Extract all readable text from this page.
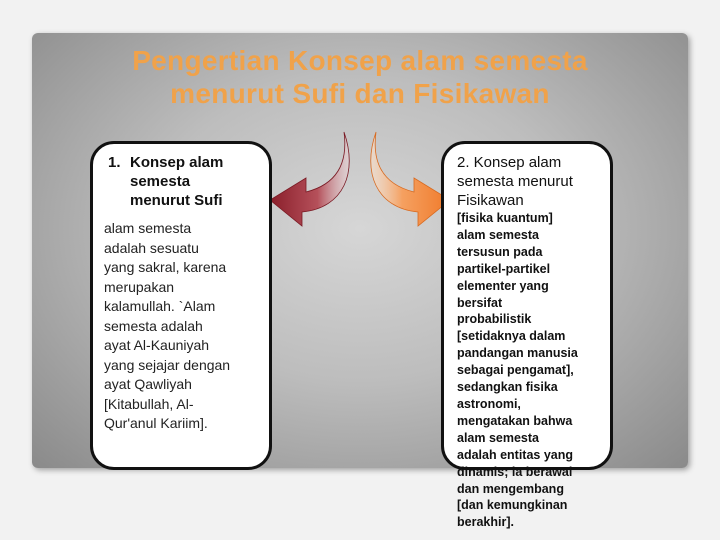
Pengertian Konsep alam semesta
menurut Sufi dan Fisikawan
1. Konsep alam
semesta
menurut Sufi
alam semesta
adalah sesuatu
yang sakral, karena
merupakan
kalamullah. `Alam
semesta adalah
ayat Al-Kauniyah
yang sejajar dengan
ayat Qawliyah
[Kitabullah, Al-
Qur'anul Kariim].
2. Konsep alam
semesta menurut
Fisikawan
[fisika kuantum]
alam semesta
tersusun pada
partikel-partikel
elementer yang
bersifat
probabilistik
[setidaknya dalam
pandangan manusia
sebagai pengamat],
sedangkan fisika
astronomi,
mengatakan bahwa
alam semesta
adalah entitas yang
dinamis; ia berawal
dan mengembang
[dan kemungkinan
berakhir].
